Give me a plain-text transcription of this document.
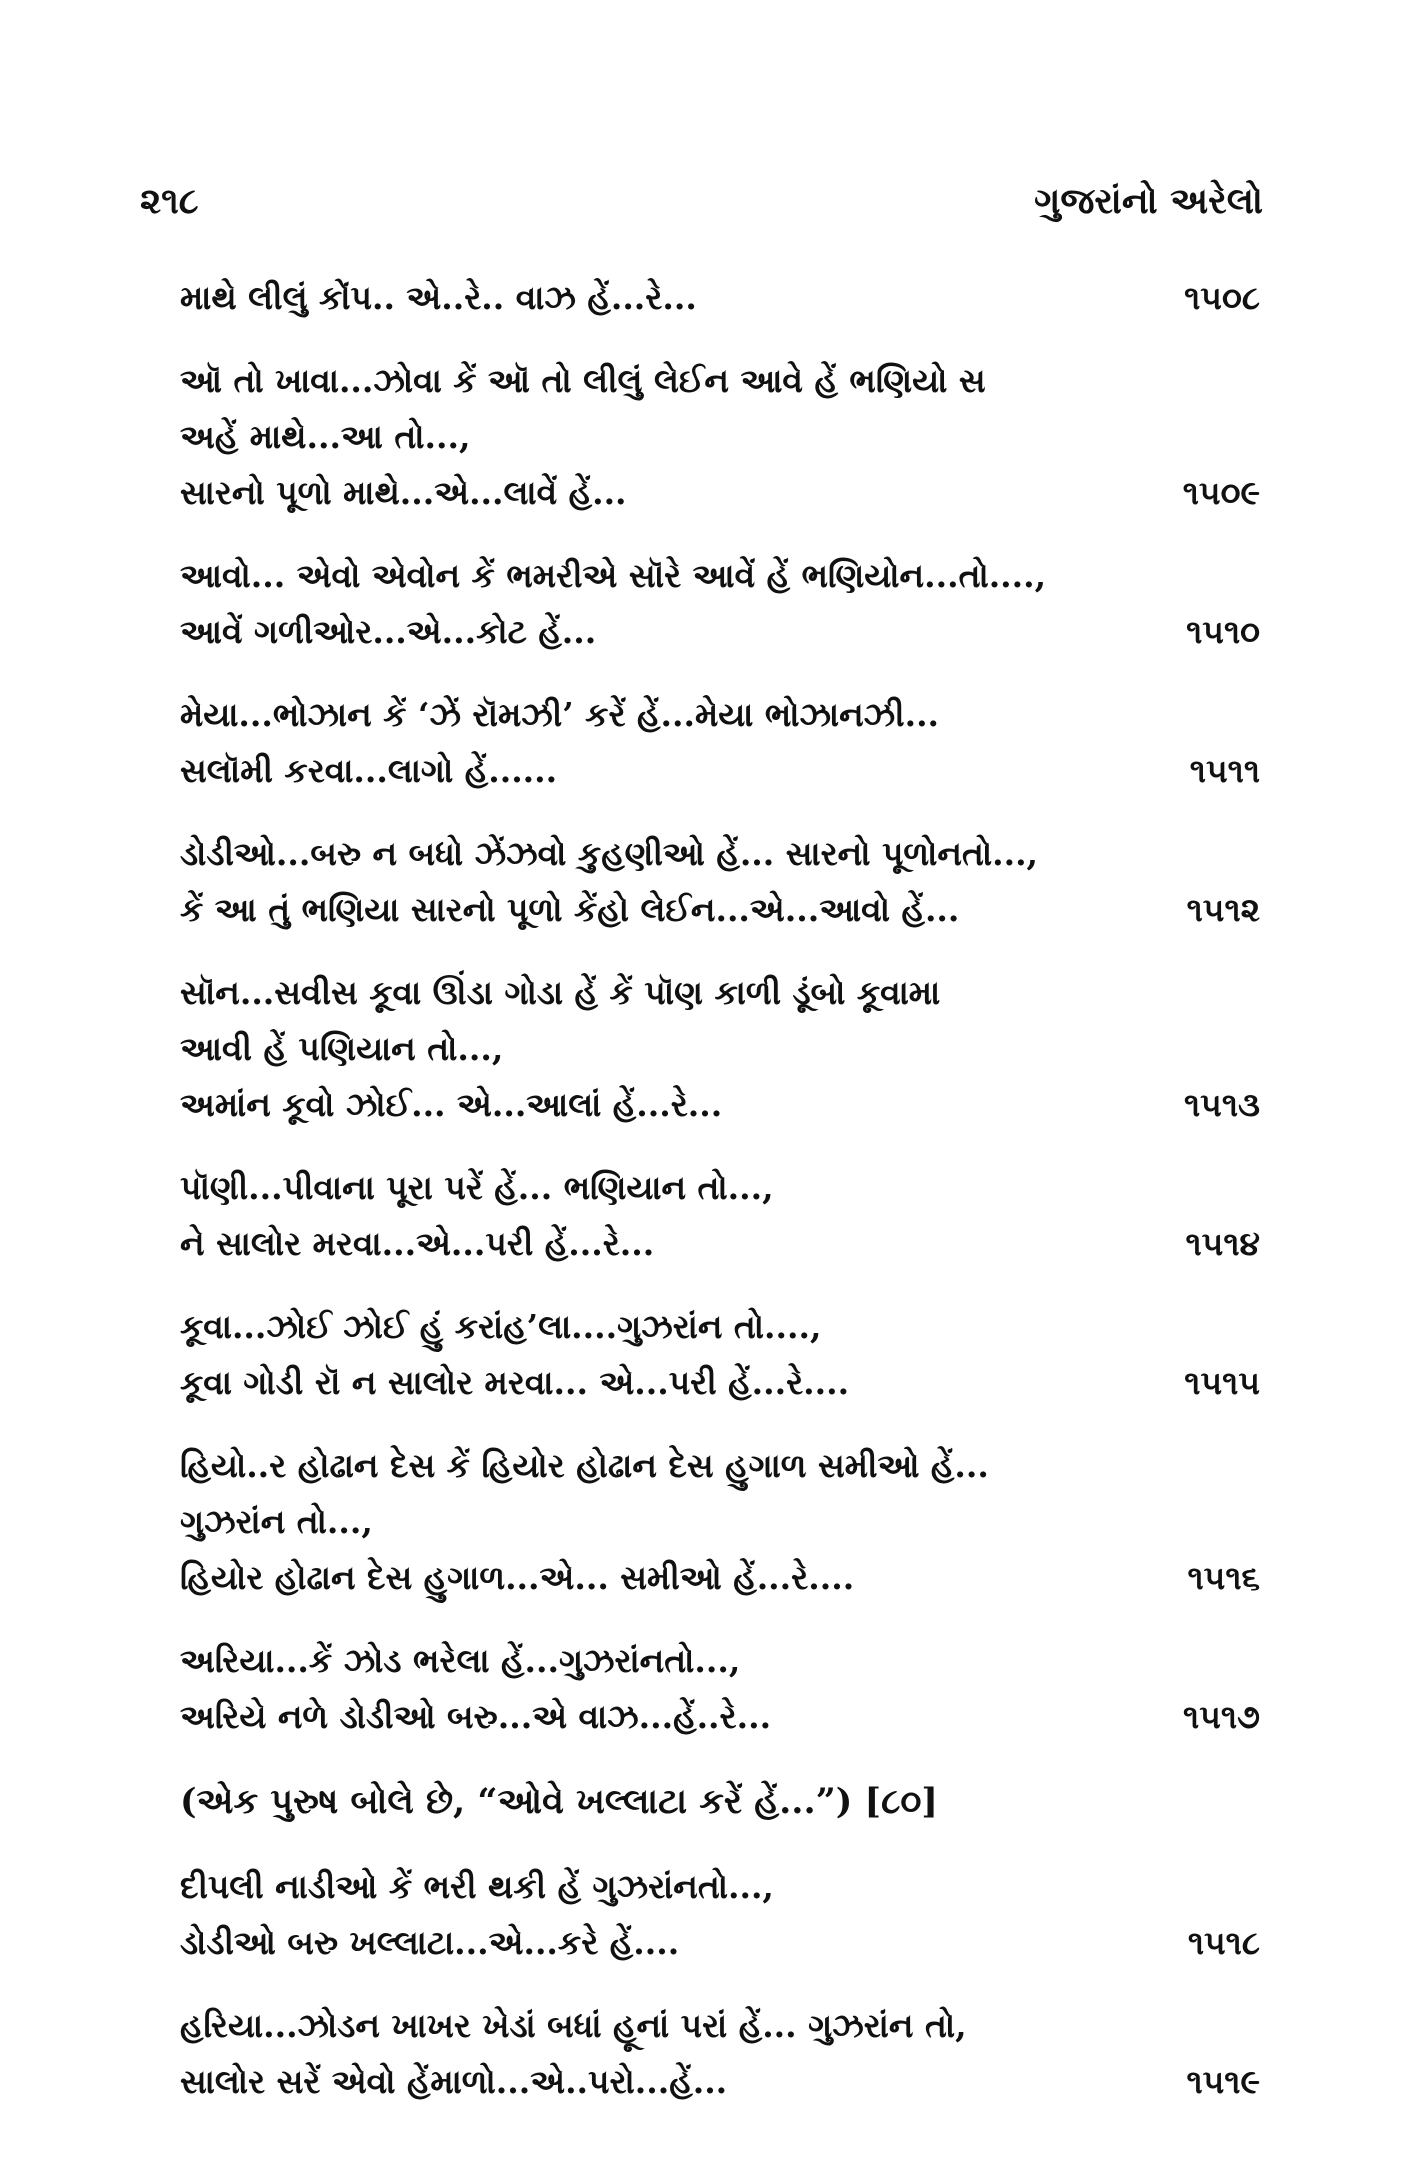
૨૧૮	ગુજરાંનો અરેલો
માથે લીલું કોંપ.. એ..રે.. વાઝ હેં...રે...	૧૫૦૮
ઑ તો ખાવા...ઝોવા કેં ઑ તો લીલું લેઈન આવે હેં ભણિયો સ
અહેં માથે...આ તો...,
સારનો પૂળો માથે...એ...લાવેં હેં...	૧૫૦૯
આવો... એવો એવોન કેં ભમરીએ સૉરે આવેં હેં ભણિયોન...તો....,
આવેં ગળીઓર...એ...કોટ હેં...	૧૫૧૦
મેયા...ભોઝાન કેં ‘ઝેં રૉમઝી’ કરેં હેં...મેયા ભોઝાનઝી...
સલૉમી કરવા...લાગો હેં......	૧૫૧૧
ડોડીઓ...બરુ ન બધો ઝેંઝવો કુહણીઓ હેં... સારનો પૂળોનતો...,
કેં આ તું ભણિયા સારનો પૂળો કેંહો લેઈન...એ...આવો હેં...	૧૫૧૨
સૉન...સવીસ કૂવા ઊંડા ગોડા હેં કેં પૉણ કાળી ડૂંબો કૂવામા
આવી હેં પણિયાન તો...,
અમાંન કૂવો ઝોઈ... એ...આલાં હેં...રે...	૧૫૧૩
પૉણી...પીવાના પૂરા પરેં હેં... ભણિયાન તો...,
ને સાલોર મરવા...એ...પરી હેં...રે...	૧૫૧૪
કૂવા...ઝોઈ ઝોઈ હું કરાંહ’લા....ગુઝરાંન તો....,
કૂવા ગોડી રૉ ન સાલોર મરવા... એ...પરી હેં...રે....	૧૫૧૫
હિયો..ર હોઢાન દેસ કેં હિયોર હોઢાન દેસ હુગાળ સમીઓ હેં...
ગુઝરાંન તો...,
હિયોર હોઢાન દેસ હુગાળ...એ... સમીઓ હેં...રે....	૧૫૧૬
અરિયા...કેં ઝોડ ભરેલા હેં...ગુઝરાંનતો...,
અરિયે નળે ડોડીઓ બરુ...એ વાઝ...હેં..રે...	૧૫૧૭
(એક પુરુષ બોલે છે, “ઓવે ખલ્લાટા કરેં હેં...”) [૮૦]
દીપલી નાડીઓ કેં ભરી થકી હેં ગુઝરાંનતો...,
ડોડીઓ બરુ ખલ્લાટા...એ...કરે હેં....	૧૫૧૮
હરિયા...ઝોડન ખાખર ખેડાં બધાં હૂનાં પરાં હેં... ગુઝરાંન તો,
સાલોર સરેં એવો હેંમાળો...એ..પરો...હેં...	૧૫૧૯
